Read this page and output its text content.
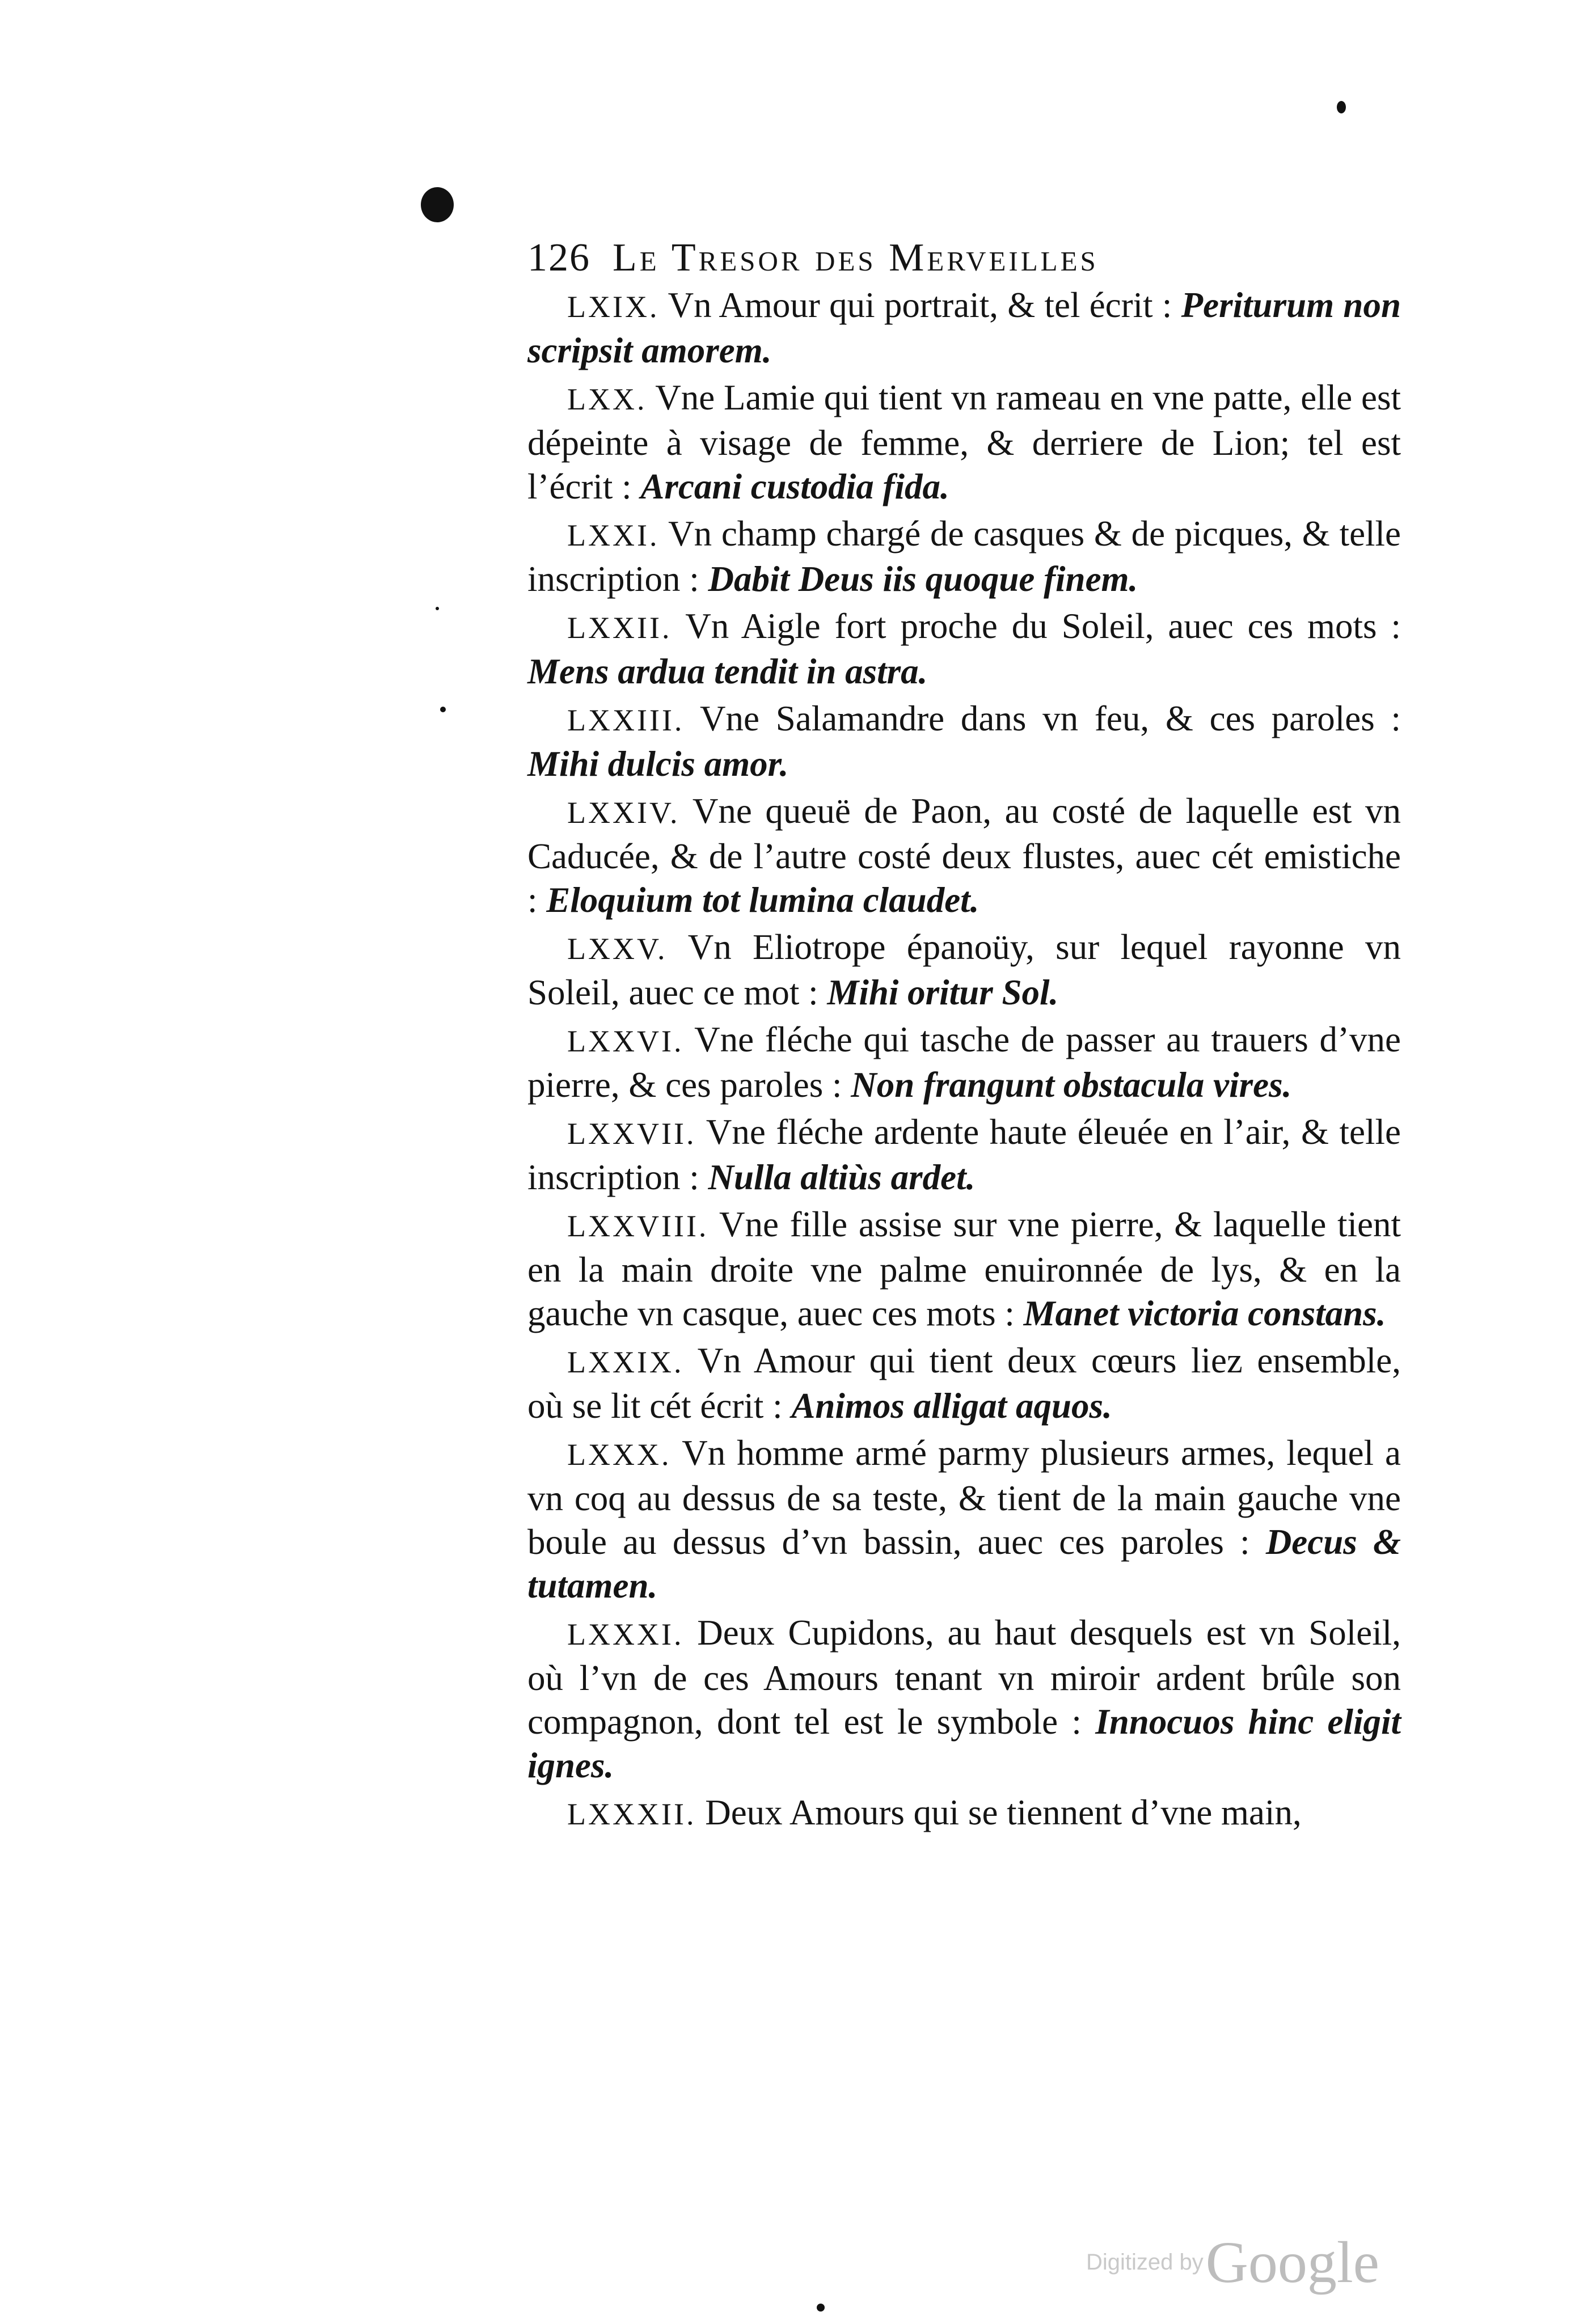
126 Le Tresor des Merveilles

LXIX. Vn Amour qui portrait, & tel écrit : Periturum non scripsit amorem.

LXX. Vne Lamie qui tient vn rameau en vne patte, elle est dépeinte à visage de femme, & derriere de Lion; tel est l’écrit : Arcani custodia fida.

LXXI. Vn champ chargé de casques & de picques, & telle inscription : Dabit Deus iis quoque finem.

LXXII. Vn Aigle fort proche du Soleil, auec ces mots : Mens ardua tendit in astra.

LXXIII. Vne Salamandre dans vn feu, & ces paroles : Mihi dulcis amor.

LXXIV. Vne queuë de Paon, au costé de laquelle est vn Caducée, & de l’autre costé deux flustes, auec cét emistiche : Eloquium tot lumina claudet.

LXXV. Vn Eliotrope épanoüy, sur lequel rayonne vn Soleil, auec ce mot : Mihi oritur Sol.

LXXVI. Vne fléche qui tasche de passer au trauers d’vne pierre, & ces paroles : Non frangunt obstacula vires.

LXXVII. Vne fléche ardente haute éleuée en l’air, & telle inscription : Nulla altiùs ardet.

LXXVIII. Vne fille assise sur vne pierre, & laquelle tient en la main droite vne palme enuironnée de lys, & en la gauche vn casque, auec ces mots : Manet victoria constans.

LXXIX. Vn Amour qui tient deux cœurs liez ensemble, où se lit cét écrit : Animos alligat aquos.

LXXX. Vn homme armé parmy plusieurs armes, lequel a vn coq au dessus de sa teste, & tient de la main gauche vne boule au dessus d’vn bassin, auec ces paroles : Decus & tutamen.

LXXXI. Deux Cupidons, au haut desquels est vn Soleil, où l’vn de ces Amours tenant vn miroir ardent brûle son compagnon, dont tel est le symbole : Innocuos hinc eligit ignes.

LXXXII. Deux Amours qui se tiennent d’vne main,

Digitized by Google
